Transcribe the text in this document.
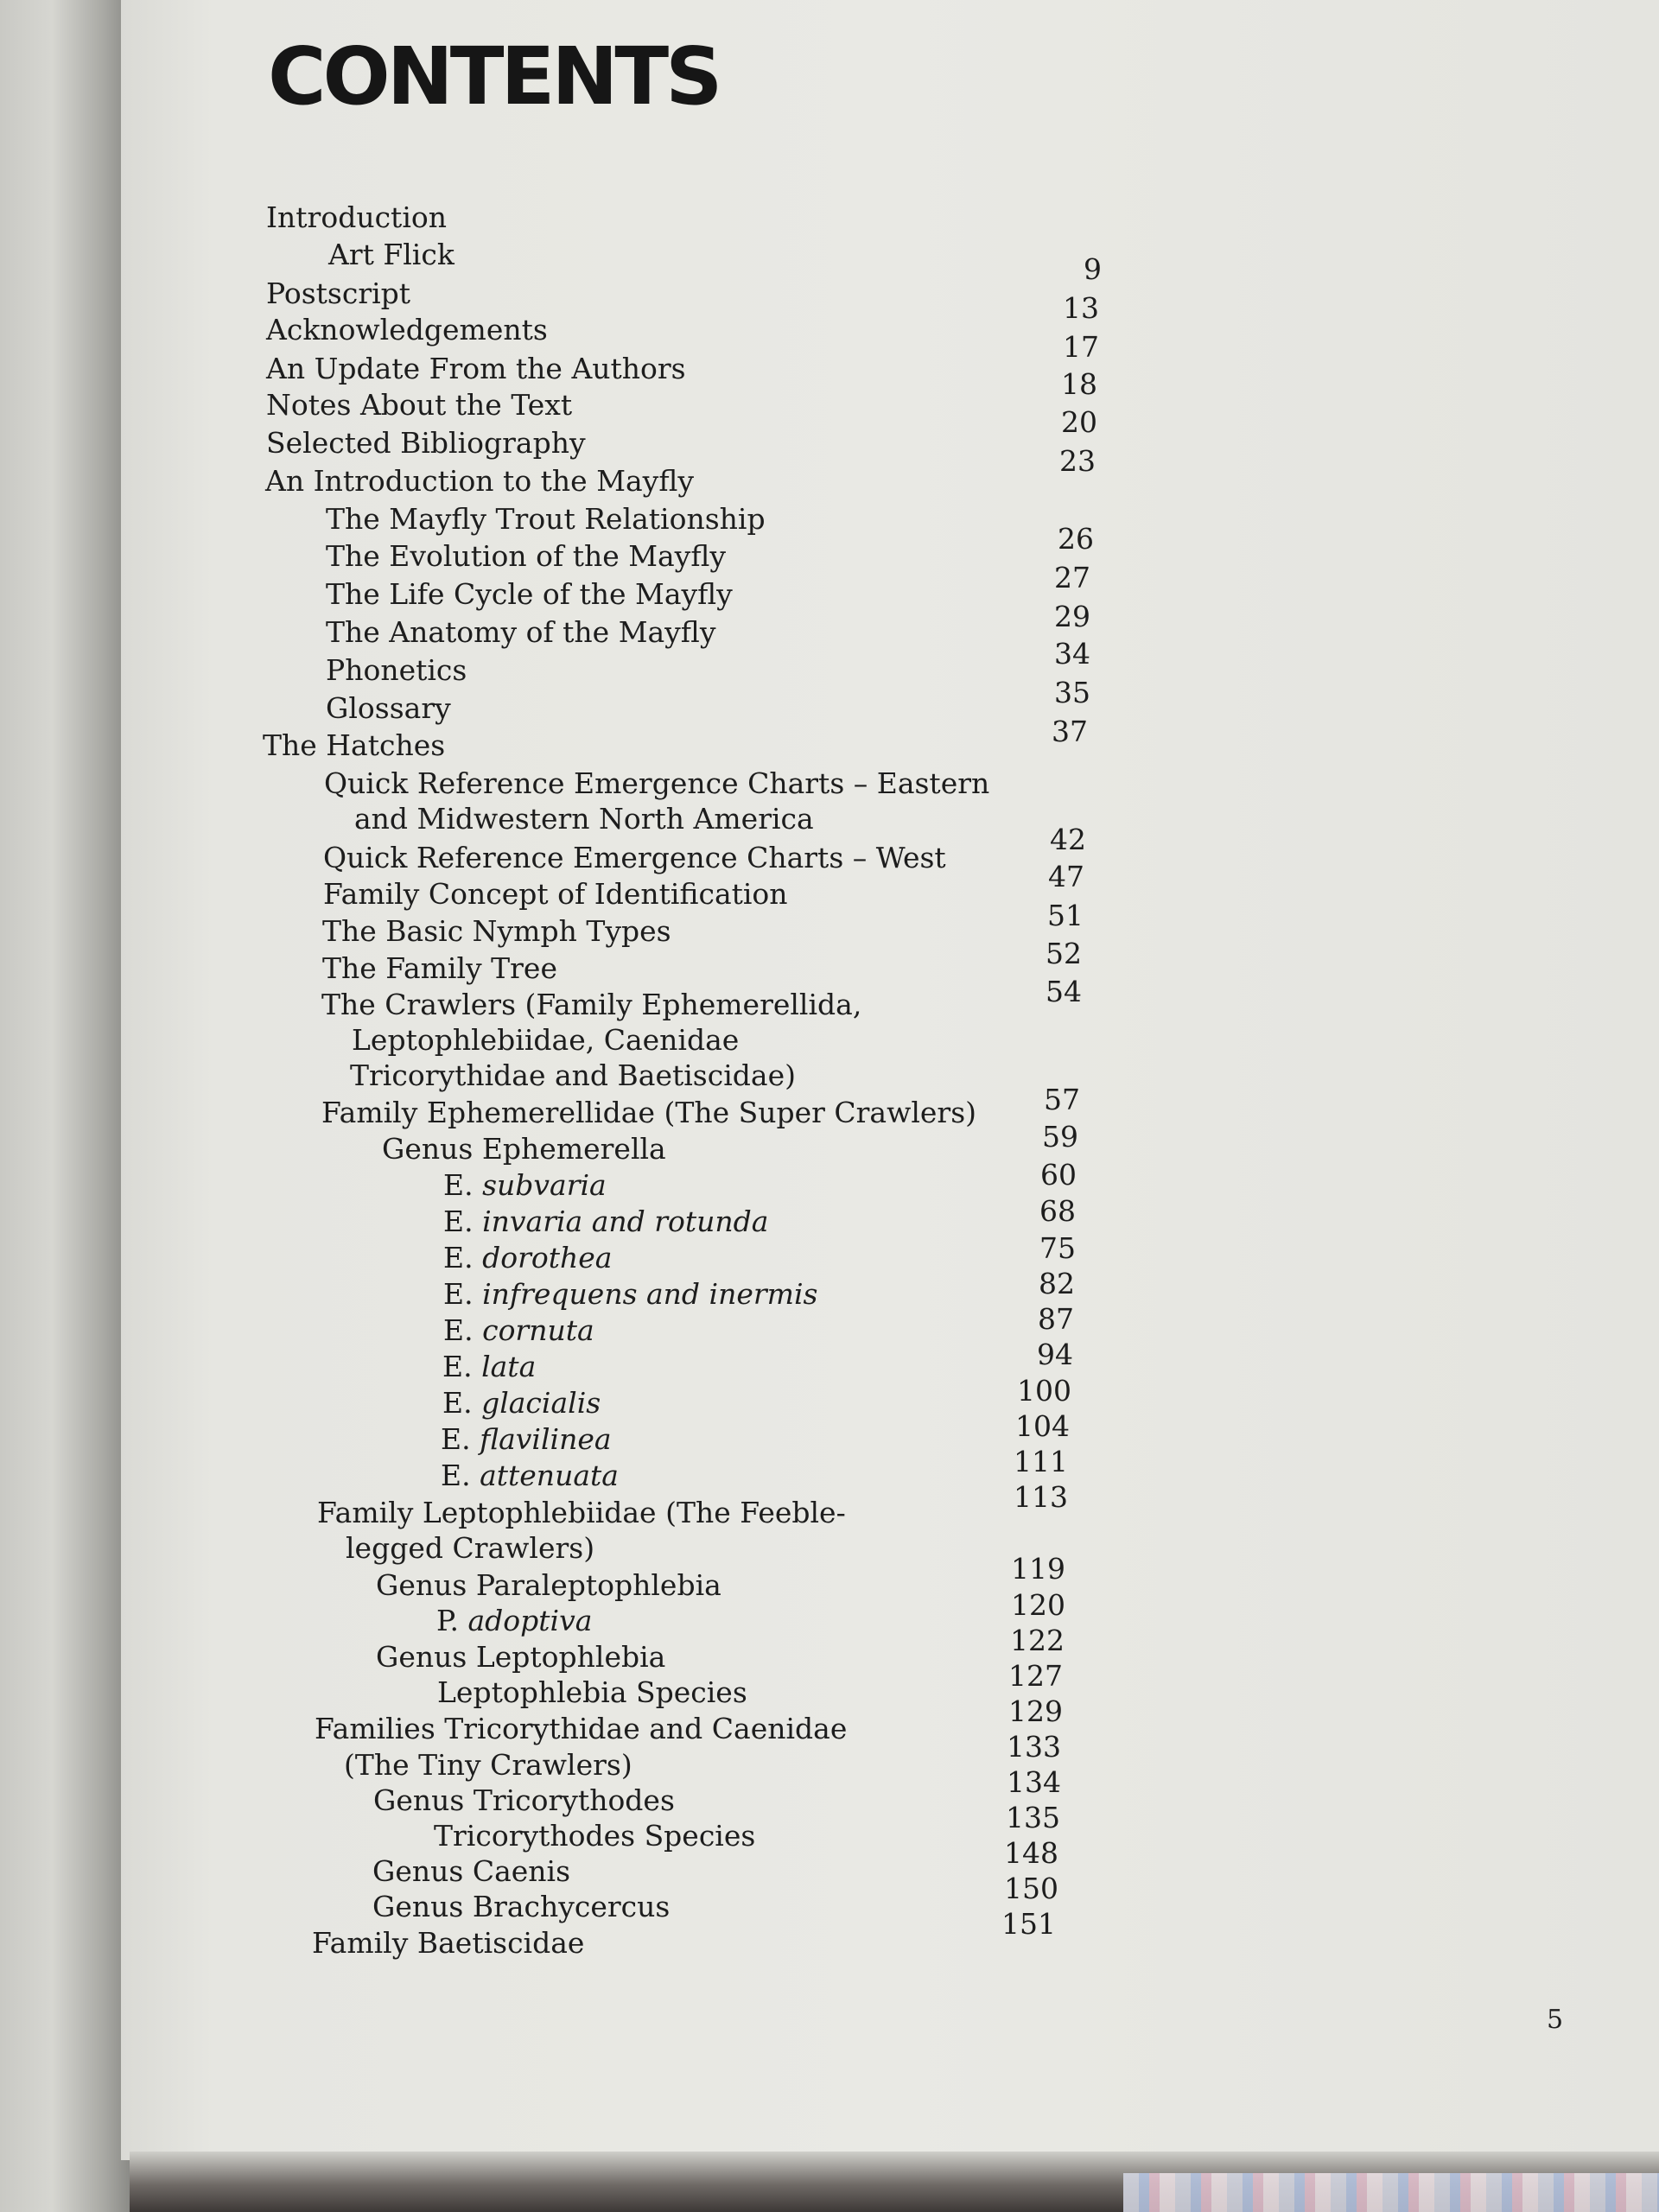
CONTENTS
Introduction
Art Flick
Postscript
Acknowledgements
An Update From the Authors
Notes About the Text
Selected Bibliography
An Introduction to the Mayfly
The Mayfly Trout Relationship
The Evolution of the Mayfly
The Life Cycle of the Mayfly
The Anatomy of the Mayfly
Phonetics
Glossary
The Hatches
Quick Reference Emergence Charts – Eastern
and Midwestern North America
Quick Reference Emergence Charts – West
Family Concept of Identification
The Basic Nymph Types
The Family Tree
The Crawlers (Family Ephemerellida,
Leptophlebiidae, Caenidae
Tricorythidae and Baetiscidae)
Family Ephemerellidae (The Super Crawlers)
Genus Ephemerella
E. subvaria
E. invaria and rotunda
E. dorothea
E. infrequens and inermis
E. cornuta
E. lata
E. glacialis
E. flavilinea
E. attenuata
Family Leptophlebiidae (The Feeble-
legged Crawlers)
Genus Paraleptophlebia
P. adoptiva
Genus Leptophlebia
Leptophlebia Species
Families Tricorythidae and Caenidae
(The Tiny Crawlers)
Genus Tricorythodes
Tricorythodes Species
Genus Caenis
Genus Brachycercus
Family Baetiscidae
9
13
17
18
20
23
26
27
29
34
35
37
42
47
51
52
54
57
59
60
68
75
82
87
94
100
104
111
113
119
120
122
127
129
133
134
135
148
150
151
5
